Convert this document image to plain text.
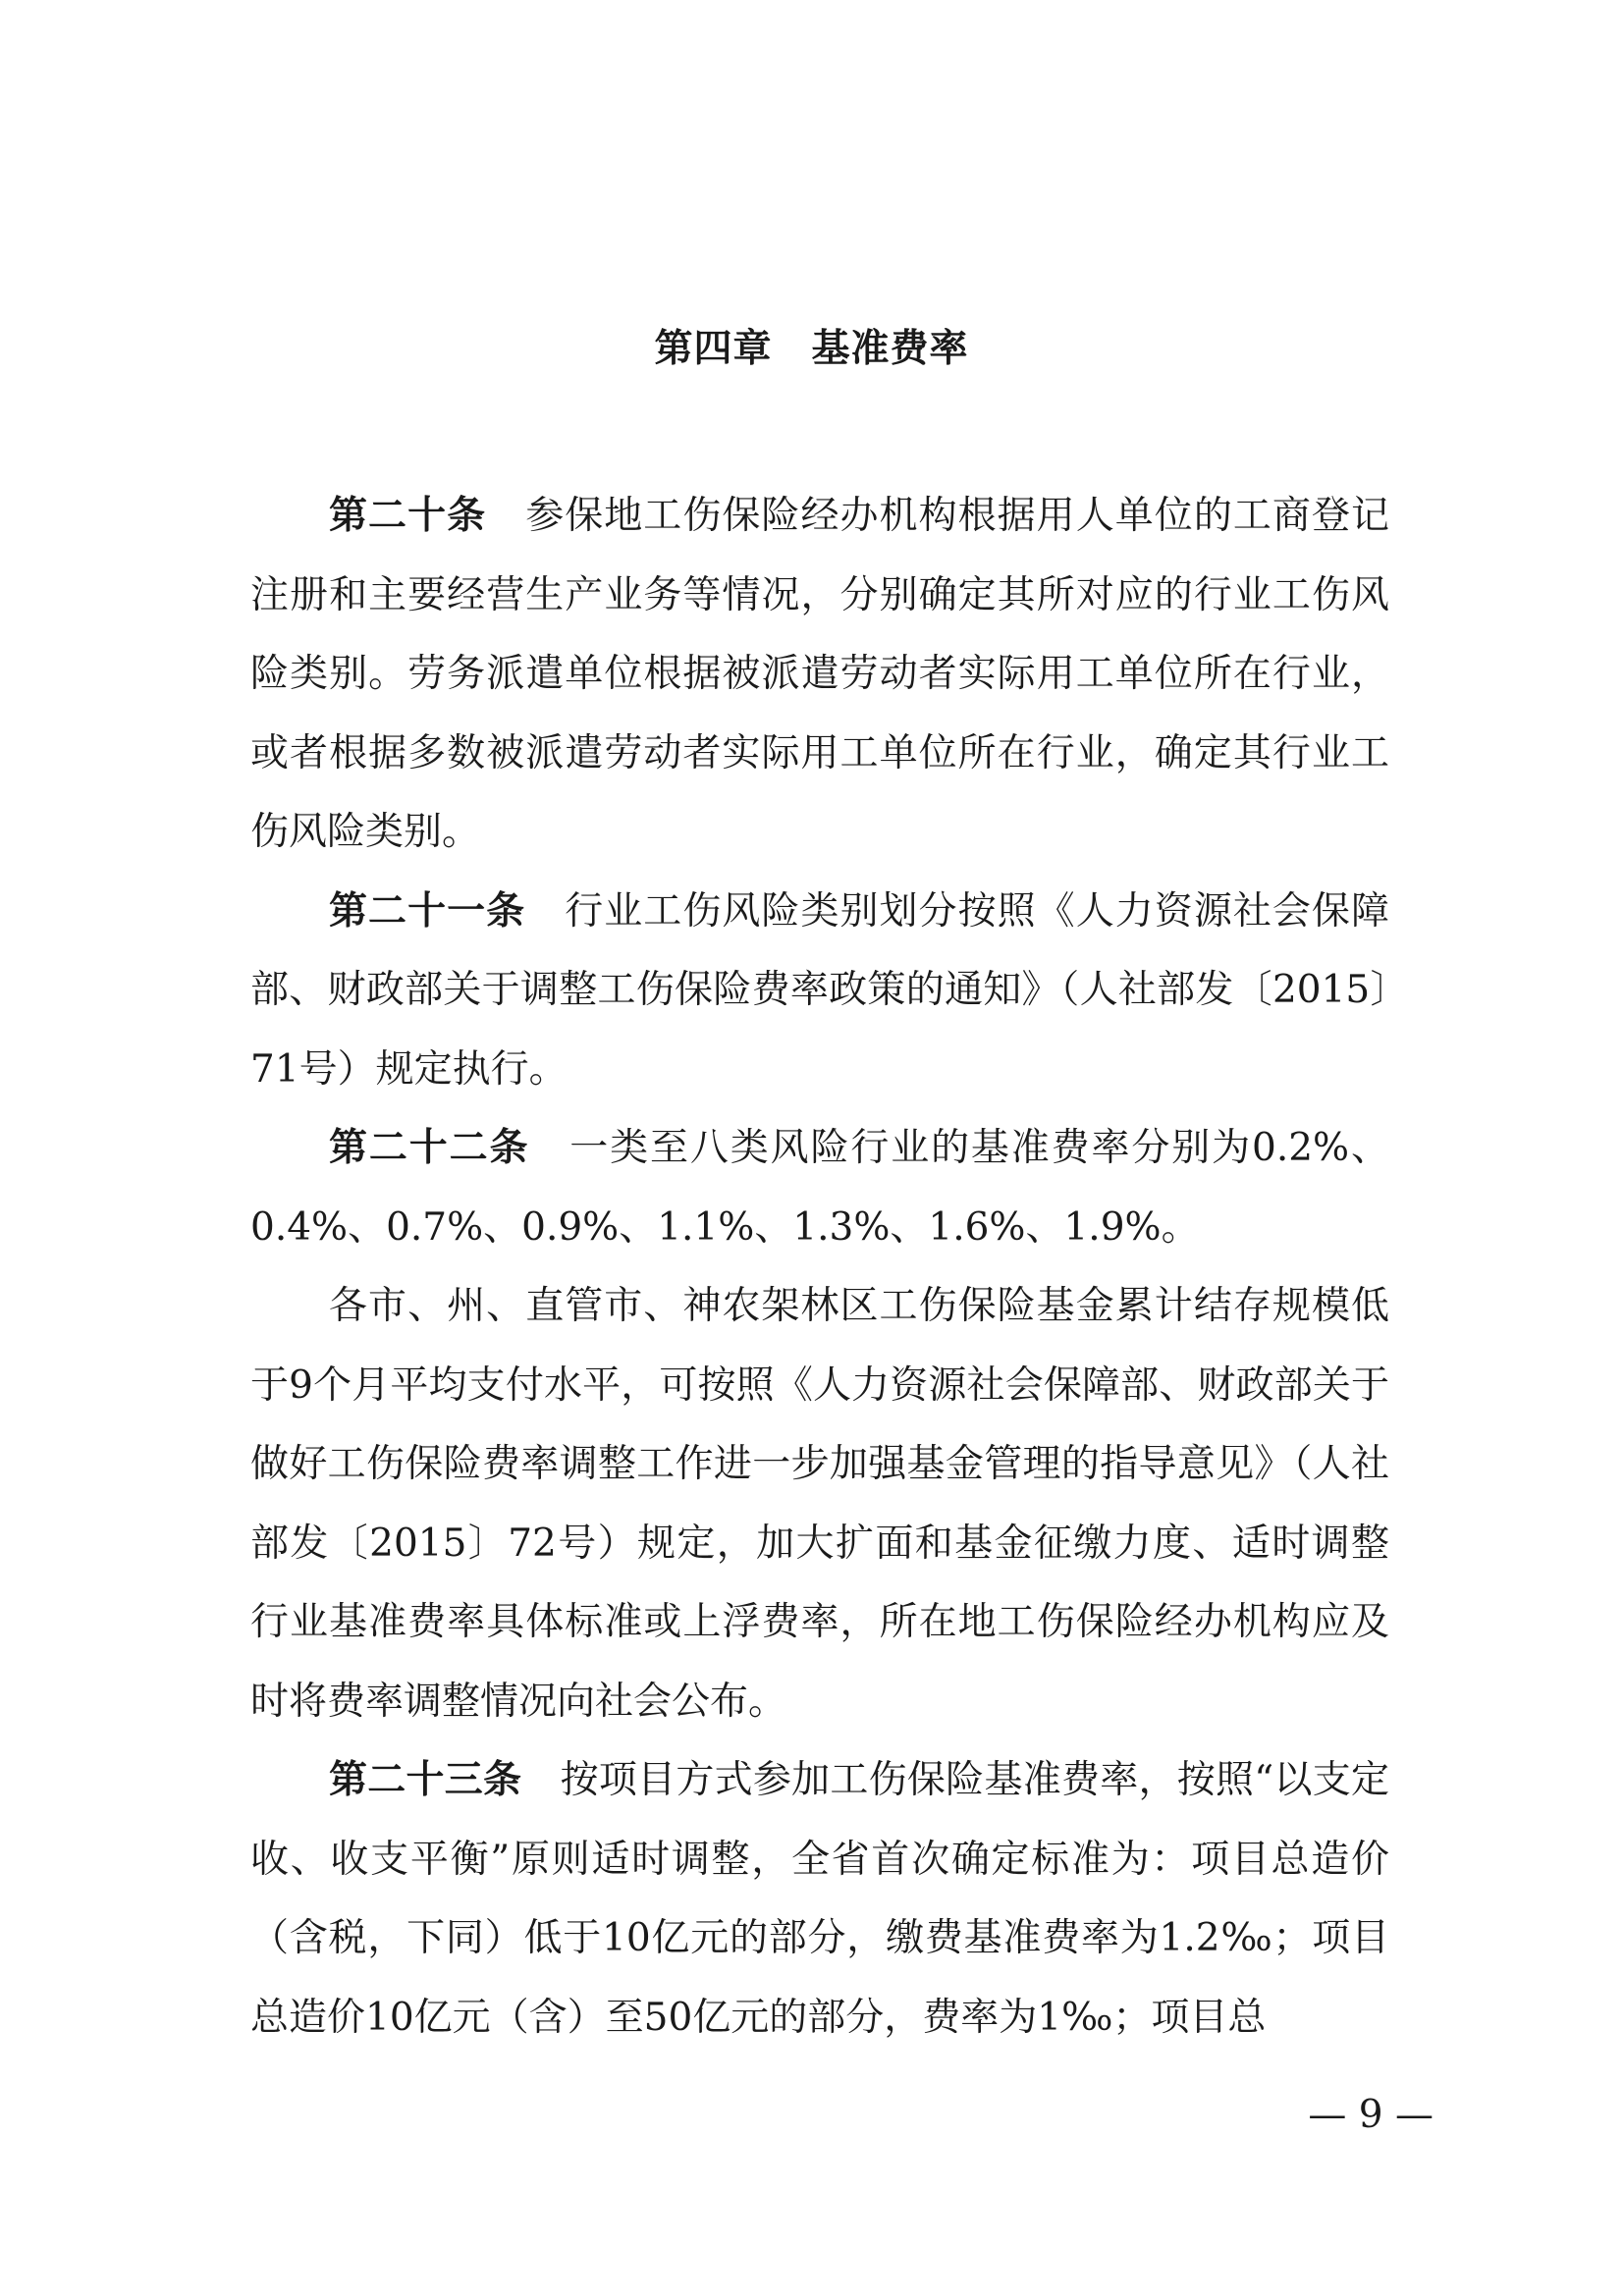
第四章　基准费率

第二十条　参保地工伤保险经办机构根据用人单位的工商登记注册和主要经营生产业务等情况，分别确定其所对应的行业工伤风险类别。劳务派遣单位根据被派遣劳动者实际用工单位所在行业，或者根据多数被派遣劳动者实际用工单位所在行业，确定其行业工伤风险类别。

第二十一条　行业工伤风险类别划分按照《人力资源社会保障部、财政部关于调整工伤保险费率政策的通知》（人社部发〔2015〕71号）规定执行。

第二十二条　一类至八类风险行业的基准费率分别为0.2%、0.4%、0.7%、0.9%、1.1%、1.3%、1.6%、1.9%。

各市、州、直管市、神农架林区工伤保险基金累计结存规模低于9个月平均支付水平，可按照《人力资源社会保障部、财政部关于做好工伤保险费率调整工作进一步加强基金管理的指导意见》（人社部发〔2015〕72号）规定，加大扩面和基金征缴力度、适时调整行业基准费率具体标准或上浮费率，所在地工伤保险经办机构应及时将费率调整情况向社会公布。

第二十三条　按项目方式参加工伤保险基准费率，按照“以支定收、收支平衡”原则适时调整，全省首次确定标准为：项目总造价（含税，下同）低于10亿元的部分，缴费基准费率为1.2‰；项目总造价10亿元（含）至50亿元的部分，费率为1‰；项目总

— 9 —
